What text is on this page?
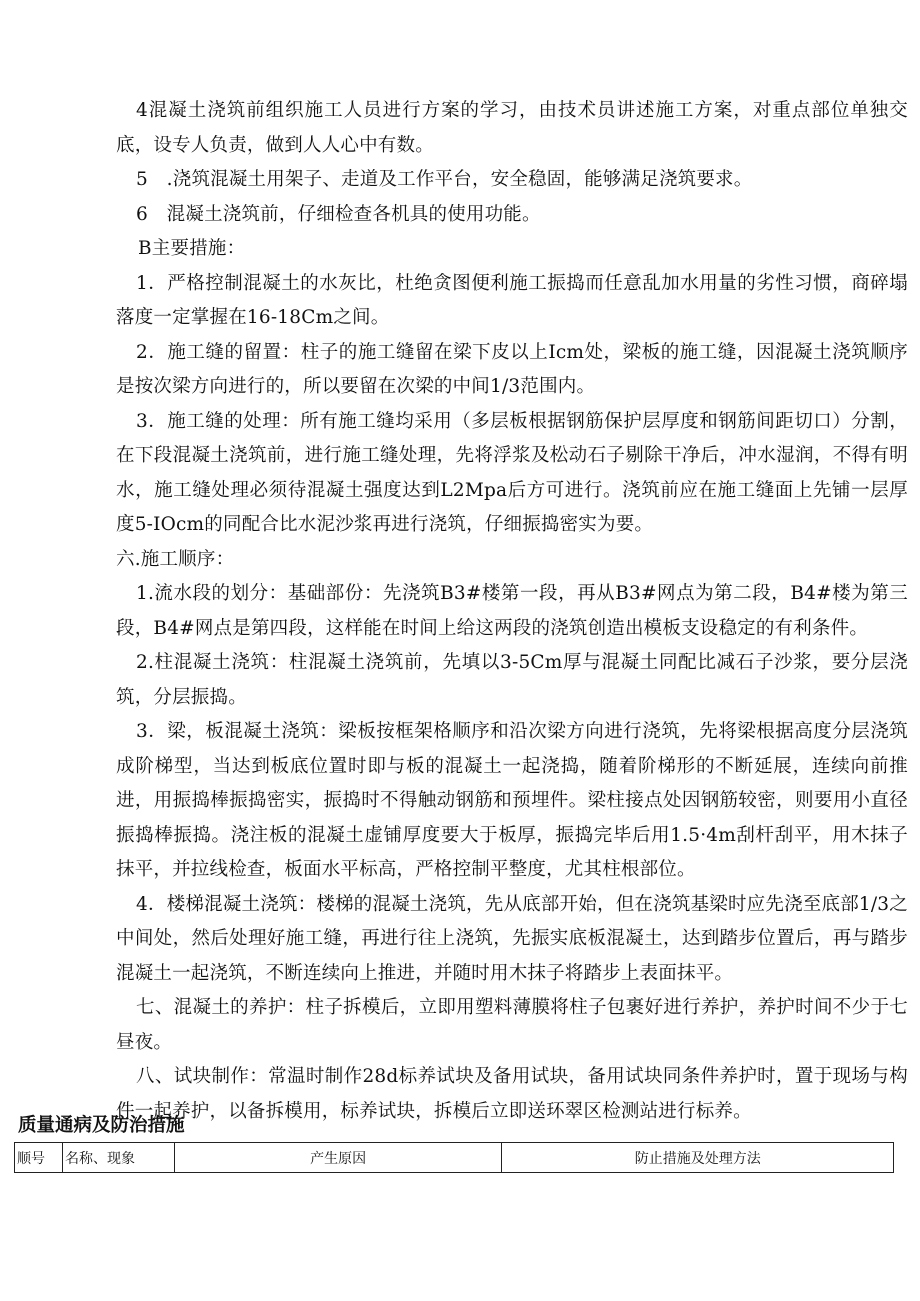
4混凝土浇筑前组织施工人员进行方案的学习，由技术员讲述施工方案，对重点部位单独交底，设专人负责，做到人人心中有数。

5　.浇筑混凝土用架子、走道及工作平台，安全稳固，能够满足浇筑要求。

6　混凝土浇筑前，仔细检查各机具的使用功能。

B主要措施：

1．严格控制混凝土的水灰比，杜绝贪图便利施工振捣而任意乱加水用量的劣性习惯，商碎塌落度一定掌握在16-18Cm之间。

2．施工缝的留置：柱子的施工缝留在梁下皮以上Icm处，梁板的施工缝，因混凝土浇筑顺序是按次梁方向进行的，所以要留在次梁的中间1/3范围内。

3．施工缝的处理：所有施工缝均采用（多层板根据钢筋保护层厚度和钢筋间距切口）分割，在下段混凝土浇筑前，进行施工缝处理，先将浮浆及松动石子剔除干净后，冲水湿润，不得有明水，施工缝处理必须待混凝土强度达到L2Mpa后方可进行。浇筑前应在施工缝面上先铺一层厚度5-IOcm的同配合比水泥沙浆再进行浇筑，仔细振捣密实为要。

六.施工顺序：

1.流水段的划分：基础部份：先浇筑B3#楼第一段，再从B3#网点为第二段，B4#楼为第三段，B4#网点是第四段，这样能在时间上给这两段的浇筑创造出模板支设稳定的有利条件。

2.柱混凝土浇筑：柱混凝土浇筑前，先填以3-5Cm厚与混凝土同配比减石子沙浆，要分层浇筑，分层振捣。

3．梁，板混凝土浇筑：梁板按框架格顺序和沿次梁方向进行浇筑，先将梁根据高度分层浇筑成阶梯型，当达到板底位置时即与板的混凝土一起浇捣，随着阶梯形的不断延展，连续向前推进，用振捣棒振捣密实，振捣时不得触动钢筋和预埋件。梁柱接点处因钢筋较密，则要用小直径振捣棒振捣。浇注板的混凝土虚铺厚度要大于板厚，振捣完毕后用1.5·4m刮杆刮平，用木抹子抹平，并拉线检查，板面水平标高，严格控制平整度，尤其柱根部位。

4．楼梯混凝土浇筑：楼梯的混凝土浇筑，先从底部开始，但在浇筑基梁时应先浇至底部1/3之中间处，然后处理好施工缝，再进行往上浇筑，先振实底板混凝土，达到踏步位置后，再与踏步混凝土一起浇筑，不断连续向上推进，并随时用木抹子将踏步上表面抹平。

七、混凝土的养护：柱子拆模后，立即用塑料薄膜将柱子包裹好进行养护，养护时间不少于七昼夜。

八、试块制作：常温时制作28d标养试块及备用试块，备用试块同条件养护时，置于现场与构件一起养护，以备拆模用，标养试块，拆模后立即送环翠区检测站进行标养。

质量通病及防治措施
顺号	名称、现象	产生原因	防止措施及处理方法
